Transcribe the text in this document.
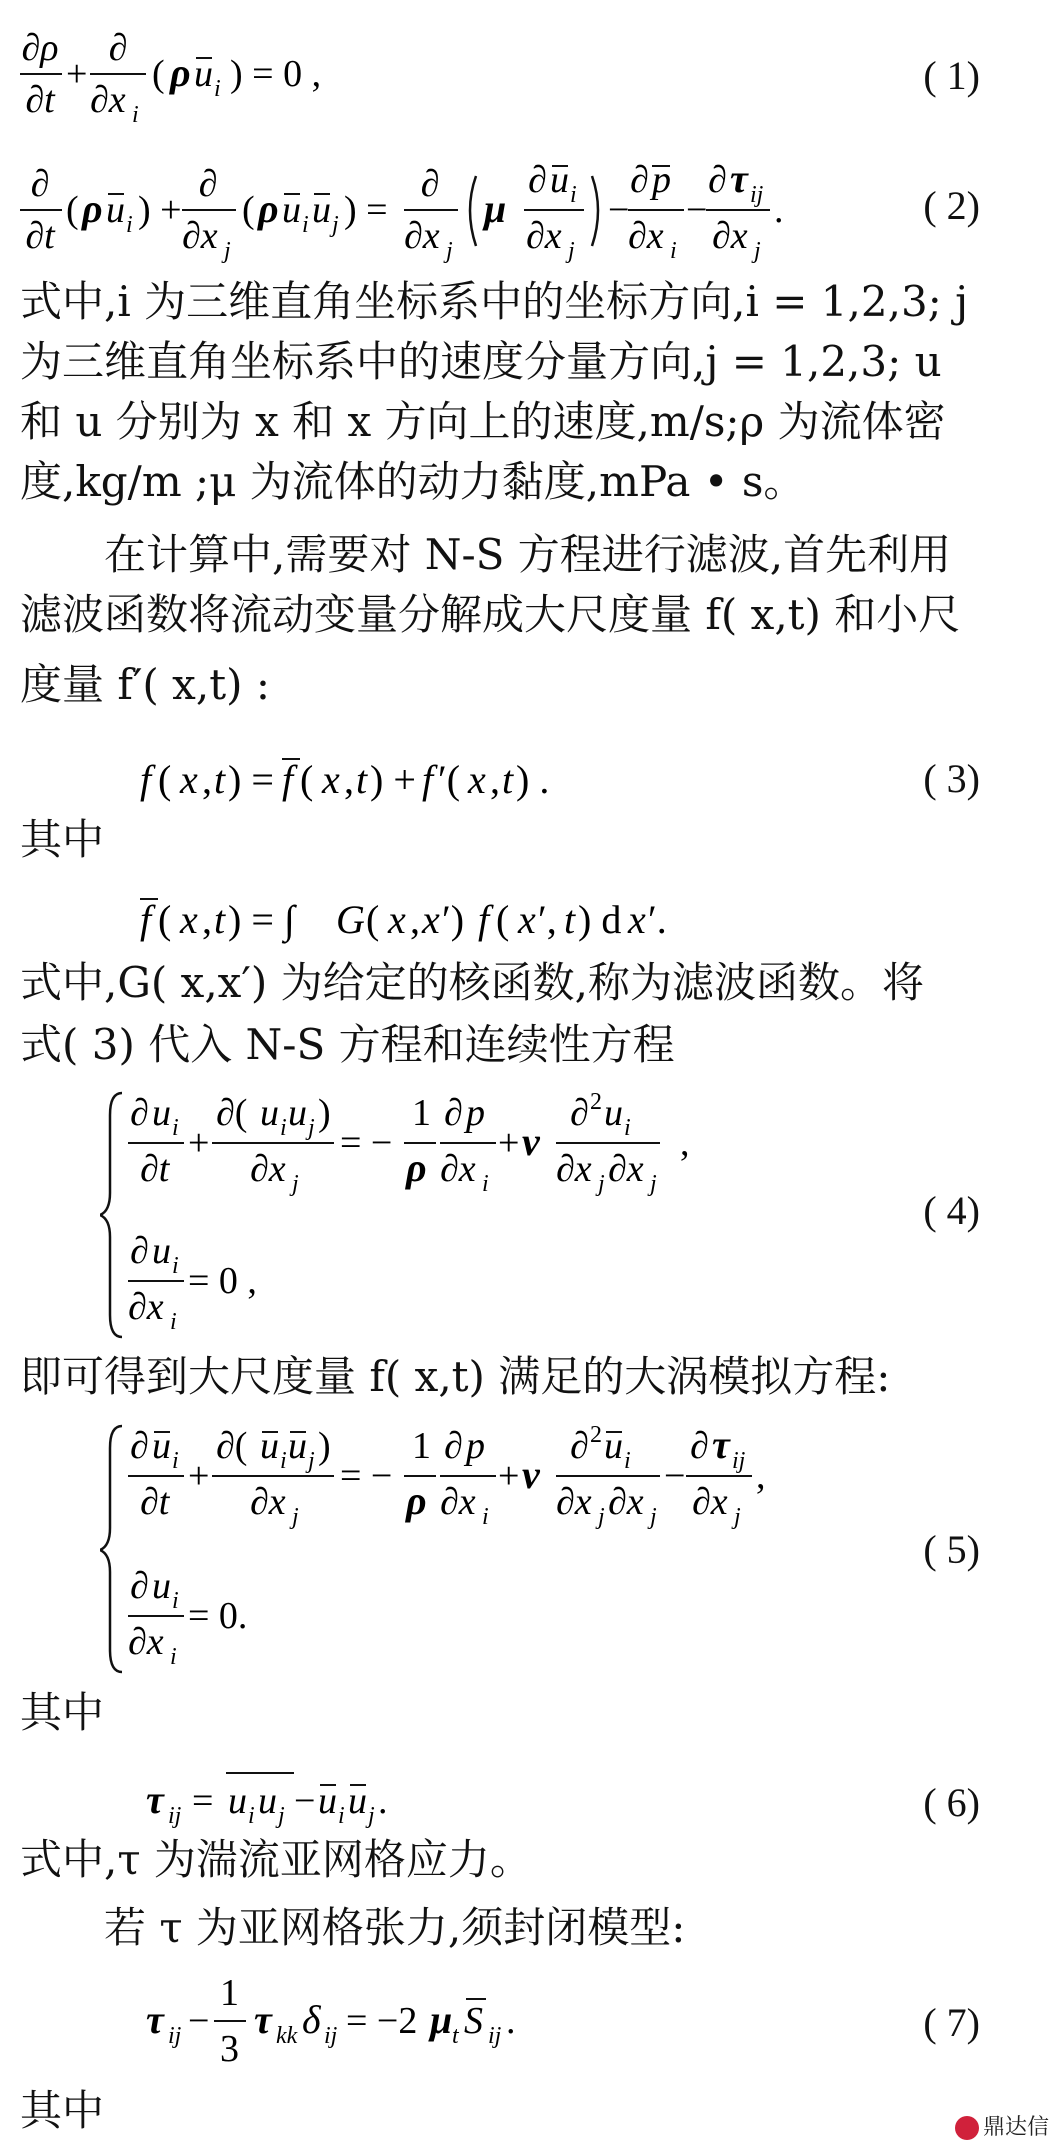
∂ρ
∂t
+
∂
∂x i
( ρ u i ) = 0 ,	( 1)
∂
∂t
( ρ u i ) +
∂
∂x j
( ρ u i u j ) =
∂
∂x j
μ
∂ u i
∂x j
−
∂ p
∂x i
−
∂ τ ij
∂x j
.	( 2)
式中,i 为三维直角坐标系中的坐标方向,i = 1,2,3; j
为三维直角坐标系中的速度分量方向,j = 1,2,3; u
和 u 分别为 x 和 x 方向上的速度,m/s;ρ 为流体密
度,kg/m ;μ 为流体的动力黏度,mPa • s。
在计算中,需要对 N-S 方程进行滤波,首先利用
滤波函数将流动变量分解成大尺度量 f( x,t) 和小尺
度量 f′( x,t) :
f ( x , t ) = f ( x , t ) + f ′( x , t ) .	( 3)
其中
f ( x , t ) = ∫ G ( x , x ′) f ( x ′, t ) d x ′.
式中,G( x,x′) 为给定的核函数,称为滤波函数。将
式( 3) 代入 N-S 方程和连续性方程
∂ u i
∂t
+
∂( u i u j )
∂x j
= −
1
ρ
∂ p
∂x i
+ ν
∂ 2 u i
∂x j ∂x j
,
∂ u i
∂x i
= 0 ,
( 4)
即可得到大尺度量 f( x,t) 满足的大涡模拟方程:
∂ u i
∂t
+
∂( u i u j )
∂x j
= −
1
ρ
∂ p
∂x i
+ ν
∂ 2 u i
∂x j ∂x j
−
∂ τ ij
∂x j
,
∂ u i
∂x i
= 0.
( 5)
其中
τ ij = u i u j − u i u j .	( 6)
式中,τ 为湍流亚网格应力。
若 τ 为亚网格张力,须封闭模型:
τ ij −
1
3
τ kk δ ij = −2 μ t S ij .	( 7)
其中	鼎达信
